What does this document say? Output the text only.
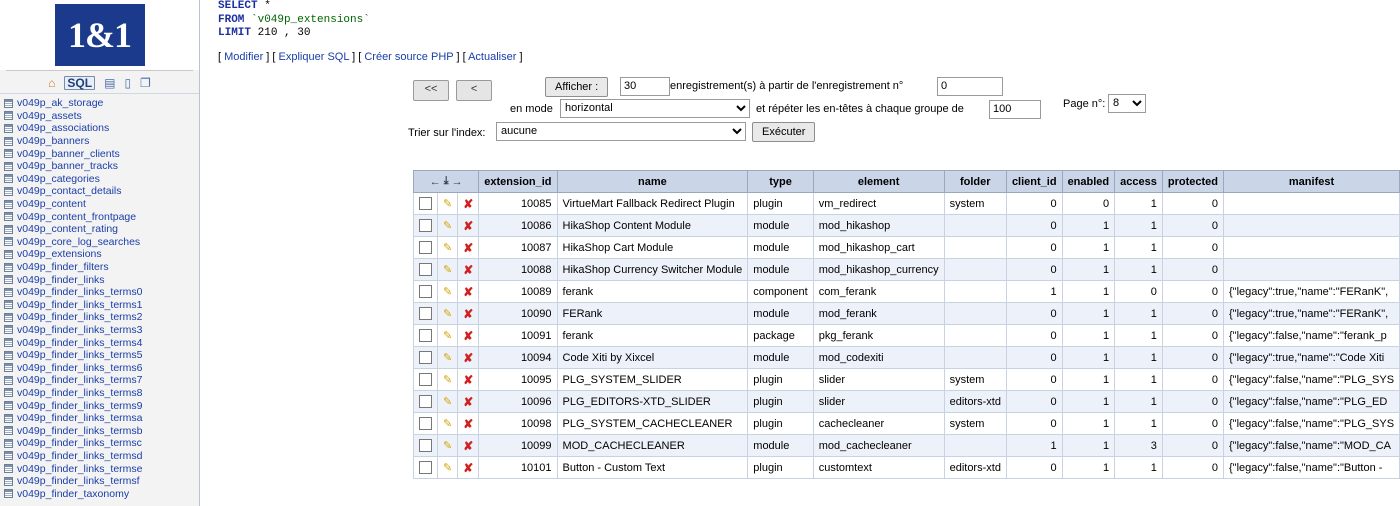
1&1
⌂ SQL ▤ ▯ ❐
v049p_ak_storage
v049p_assets
v049p_associations
v049p_banners
v049p_banner_clients
v049p_banner_tracks
v049p_categories
v049p_contact_details
v049p_content
v049p_content_frontpage
v049p_content_rating
v049p_core_log_searches
v049p_extensions
v049p_finder_filters
v049p_finder_links
v049p_finder_links_terms0
v049p_finder_links_terms1
v049p_finder_links_terms2
v049p_finder_links_terms3
v049p_finder_links_terms4
v049p_finder_links_terms5
v049p_finder_links_terms6
v049p_finder_links_terms7
v049p_finder_links_terms8
v049p_finder_links_terms9
v049p_finder_links_termsa
v049p_finder_links_termsb
v049p_finder_links_termsc
v049p_finder_links_termsd
v049p_finder_links_termse
v049p_finder_links_termsf
v049p_finder_taxonomy
SELECT *
FROM `v049p_extensions`
LIMIT 210 , 30
[ Modifier ] [ Expliquer SQL ] [ Créer source PHP ] [ Actualiser ]
<<	<	Afficher :
30	enregistrement(s) à partir de l'enregistrement n°
0
en mode
horizontal	et répéter les en-têtes à chaque groupe de
100	Page n°:
8
Trier sur l'index:
aucune	Exécuter
← ⤓ →			extension_id	name	type	element	folder	client_id	enabled	access	protected	manifest
	✎	✘	10085	VirtueMart Fallback Redirect Plugin	plugin	vm_redirect	system	0	0	1	0	
	✎	✘	10086	HikaShop Content Module	module	mod_hikashop		0	1	1	0	
	✎	✘	10087	HikaShop Cart Module	module	mod_hikashop_cart		0	1	1	0	
	✎	✘	10088	HikaShop Currency Switcher Module	module	mod_hikashop_currency		0	1	1	0	
	✎	✘	10089	ferank	component	com_ferank		1	1	0	0	{"legacy":true,"name":"FERanK",
	✎	✘	10090	FERank	module	mod_ferank		0	1	1	0	{"legacy":true,"name":"FERanK",
	✎	✘	10091	ferank	package	pkg_ferank		0	1	1	0	{"legacy":false,"name":"ferank_p
	✎	✘	10094	Code Xiti by Xixcel	module	mod_codexiti		0	1	1	0	{"legacy":true,"name":"Code Xiti
	✎	✘	10095	PLG_SYSTEM_SLIDER	plugin	slider	system	0	1	1	0	{"legacy":false,"name":"PLG_SYS
	✎	✘	10096	PLG_EDITORS-XTD_SLIDER	plugin	slider	editors-xtd	0	1	1	0	{"legacy":false,"name":"PLG_ED
	✎	✘	10098	PLG_SYSTEM_CACHECLEANER	plugin	cachecleaner	system	0	1	1	0	{"legacy":false,"name":"PLG_SYS
	✎	✘	10099	MOD_CACHECLEANER	module	mod_cachecleaner		1	1	3	0	{"legacy":false,"name":"MOD_CA
	✎	✘	10101	Button - Custom Text	plugin	customtext	editors-xtd	0	1	1	0	{"legacy":false,"name":"Button -
